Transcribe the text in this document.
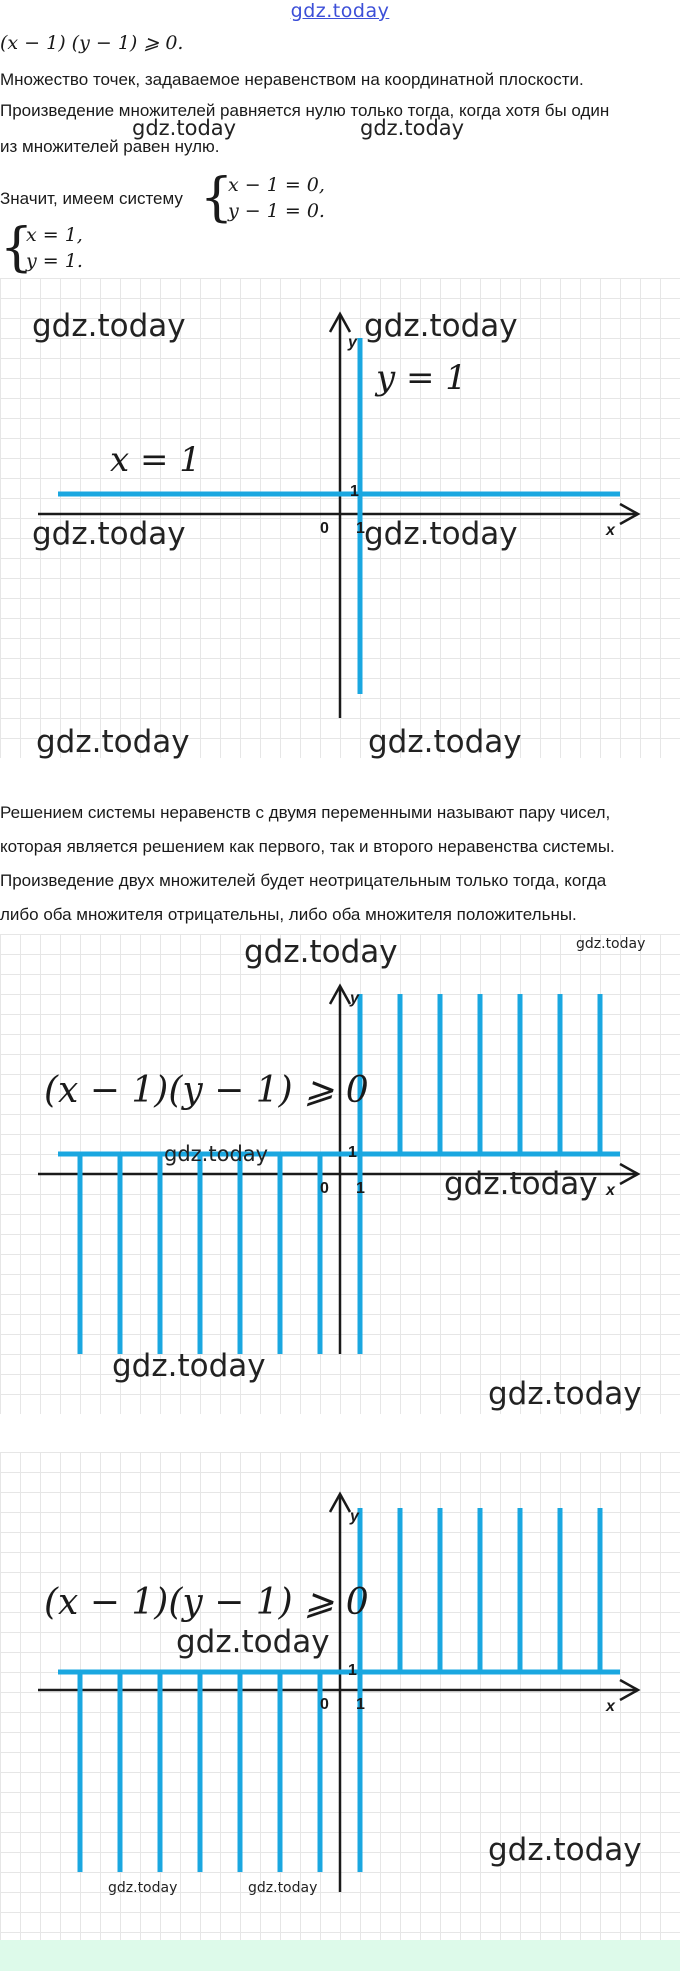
gdz.today
(x − 1) (y − 1) ⩾ 0.
Множество точек, задаваемое неравенством на координатной плоскости.
Произведение множителей равняется нулю только тогда, когда хотя бы один
из множителей равен нулю.
gdz.today	gdz.today
Значит, имеем систему {
x − 1 = 0,
y − 1 = 0.
{
x = 1,
y = 1.
y = 1
x = 1
y
x
0 1
1
gdz.today	gdz.today
gdz.today	gdz.today
gdz.today	gdz.today
Решением системы неравенств с двумя переменными называют пару чисел,
которая является решением как первого, так и второго неравенства системы.
Произведение двух множителей будет неотрицательным только тогда, когда
либо оба множителя отрицательны, либо оба множителя положительны.
(x − 1)(y − 1) ⩾ 0
y
x
0 1
1
gdz.today	gdz.today
gdz.today
gdz.today
gdz.today
gdz.today
(x − 1)(y − 1) ⩾ 0
y
x
0 1
1
gdz.today
gdz.today
gdz.today	gdz.today
